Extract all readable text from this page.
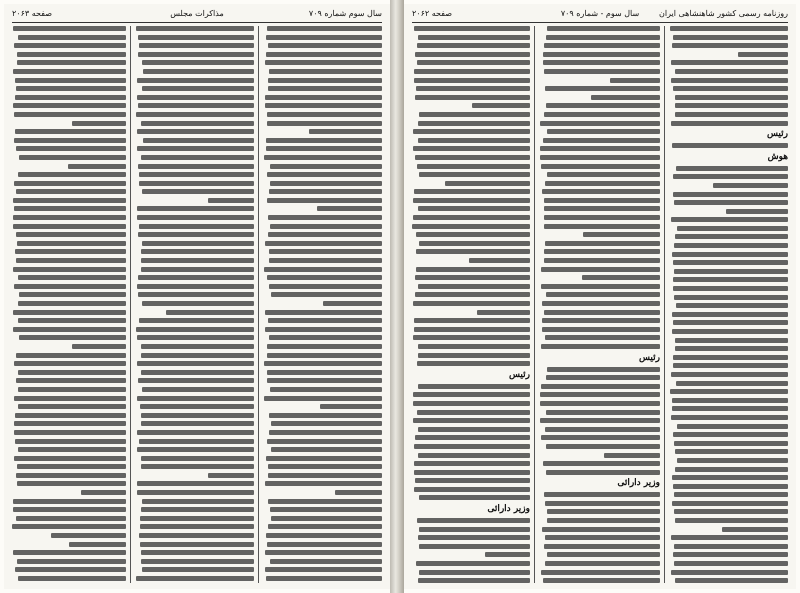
سال سوم‌ شماره ۷۰۹
مذاکرات مجلس
صفحه ۲۰۶۳	روزنامه رسمی کشور شاهنشاهی ایران
سال سوم - شماره ۷۰۹
صفحه ۲۰۶۲
رئیس
هوش
رئیس
وزیر دارائی
رئیس
وزیر دارائی
